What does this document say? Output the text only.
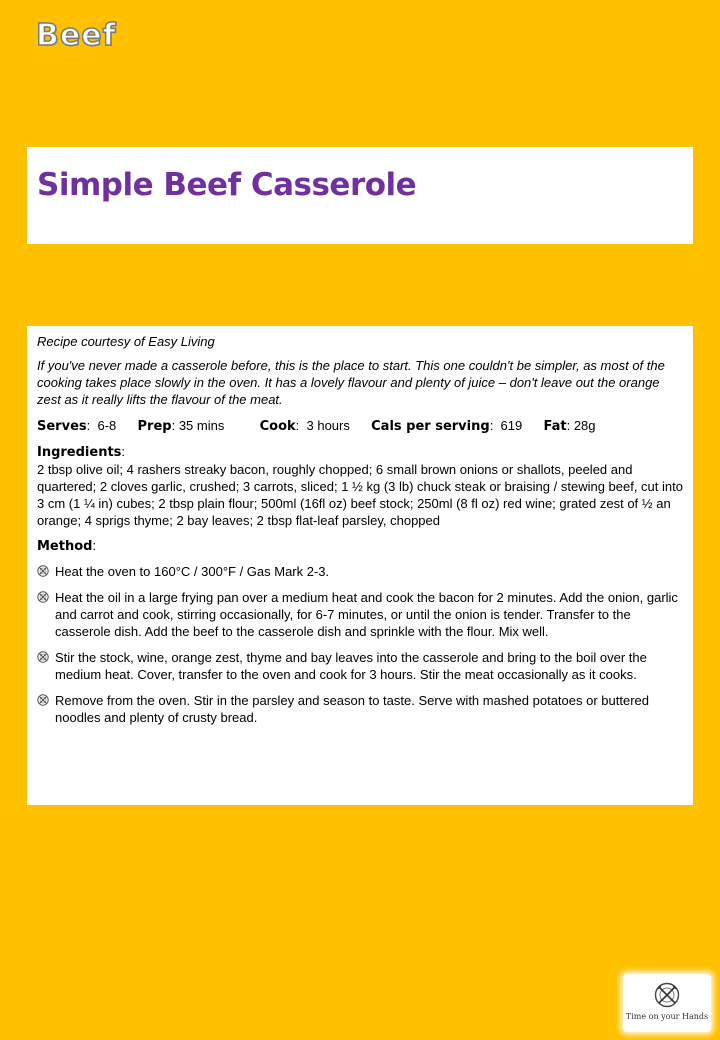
Beef
Simple Beef Casserole

Recipe courtesy of Easy Living

If you've never made a casserole before, this is the place to start. This one couldn't be simpler, as most of the cooking takes place slowly in the oven. It has a lovely flavour and plenty of juice – don't leave out the orange zest as it really lifts the flavour of the meat.

Serves:  6-8 Prep: 35 mins	Cook:  3 hours Cals per serving:  619 Fat: 28g
Ingredients:
2 tbsp olive oil; 4 rashers streaky bacon, roughly chopped; 6 small brown onions or shallots, peeled and quartered; 2 cloves garlic, crushed; 3 carrots, sliced; 1 ½ kg (3 lb) chuck steak or braising / stewing beef, cut into 3 cm (1 ¼ in) cubes; 2 tbsp plain flour; 500ml (16fl oz) beef stock; 250ml (8 fl oz) red wine; grated zest of ½ an orange; 4 sprigs thyme; 2 bay leaves; 2 tbsp flat-leaf parsley, chopped
Method:
Heat the oven to 160°C / 300°F / Gas Mark 2-3.
Heat the oil in a large frying pan over a medium heat and cook the bacon for 2 minutes. Add the onion, garlic and carrot and cook, stirring occasionally, for 6-7 minutes, or until the onion is tender. Transfer to the casserole dish. Add the beef to the casserole dish and sprinkle with the flour. Mix well.
Stir the stock, wine, orange zest, thyme and bay leaves into the casserole and bring to the boil over the medium heat. Cover, transfer to the oven and cook for 3 hours. Stir the meat occasionally as it cooks.
Remove from the oven. Stir in the parsley and season to taste. Serve with mashed potatoes or buttered noodles and plenty of crusty bread.
Time on your Hands
